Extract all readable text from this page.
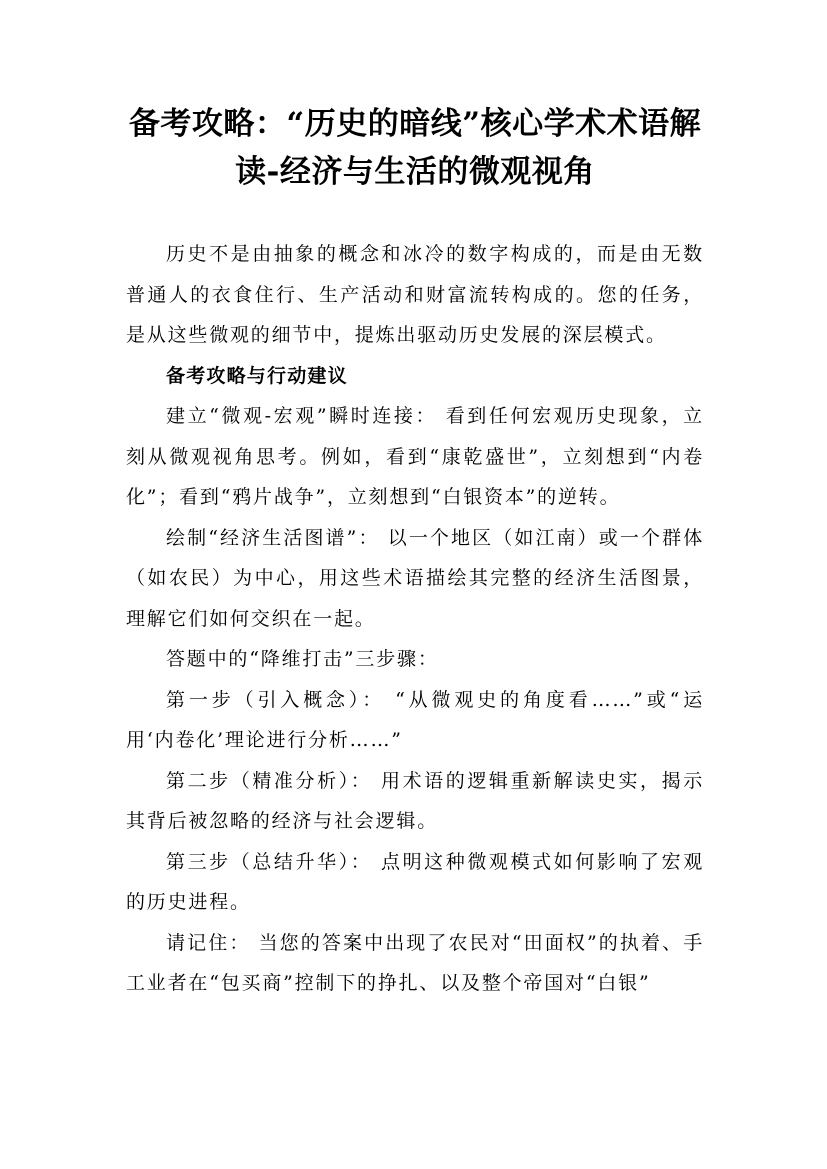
备考攻略：“历史的暗线”核心学术术语解
读-经济与生活的微观视角

历史不是由抽象的概念和冰冷的数字构成的，而是由无数普通人的衣食住行、生产活动和财富流转构成的。您的任务，是从这些微观的细节中，提炼出驱动历史发展的深层模式。

备考攻略与行动建议

建立“微观-宏观”瞬时连接： 看到任何宏观历史现象，立刻从微观视角思考。例如，看到“康乾盛世”，立刻想到“内卷化”；看到“鸦片战争”，立刻想到“白银资本”的逆转。

绘制“经济生活图谱”： 以一个地区（如江南）或一个群体（如农民）为中心，用这些术语描绘其完整的经济生活图景，理解它们如何交织在一起。

答题中的“降维打击”三步骤：

第一步（引入概念）： “从微观史的角度看……”或“运用‘内卷化’理论进行分析……”

第二步（精准分析）： 用术语的逻辑重新解读史实，揭示其背后被忽略的经济与社会逻辑。

第三步（总结升华）： 点明这种微观模式如何影响了宏观的历史进程。

请记住： 当您的答案中出现了农民对“田面权”的执着、手工业者在“包买商”控制下的挣扎、以及整个帝国对“白银”
